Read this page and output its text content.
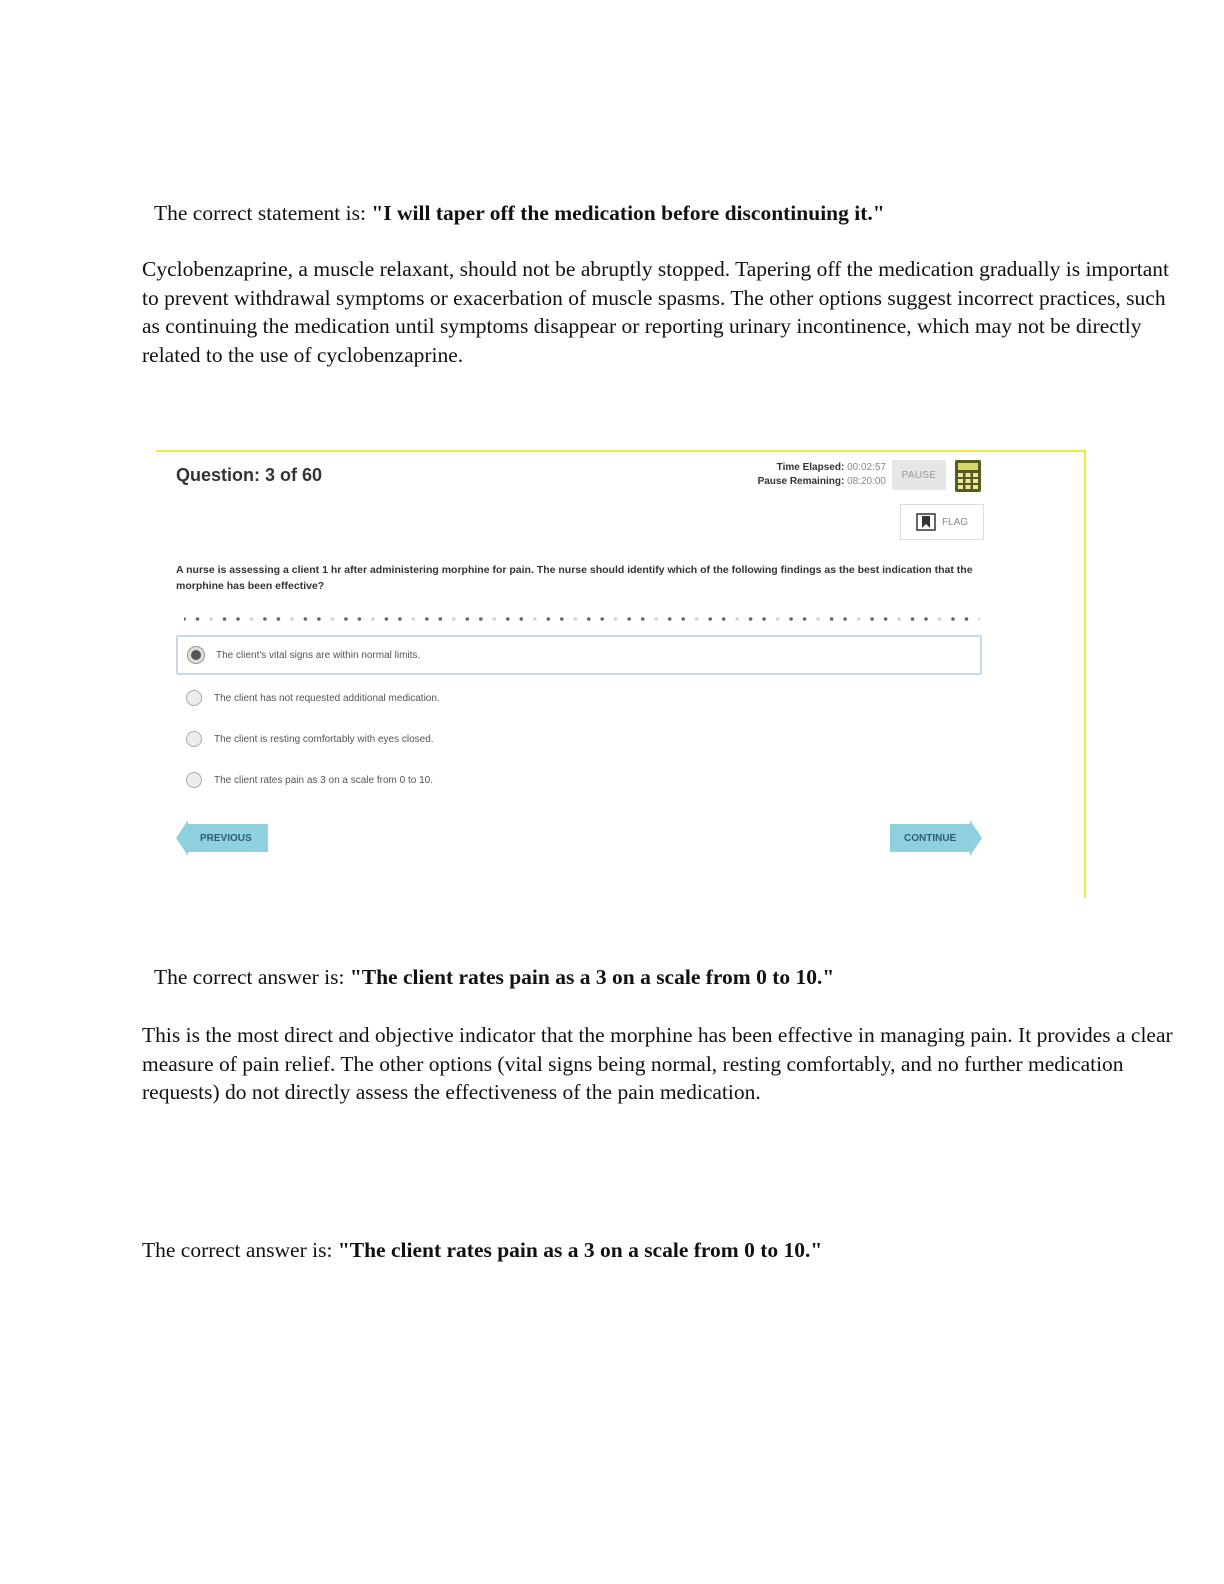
The correct statement is: "I will taper off the medication before discontinuing it."

Cyclobenzaprine, a muscle relaxant, should not be abruptly stopped. Tapering off the medication gradually is important to prevent withdrawal symptoms or exacerbation of muscle spasms. The other options suggest incorrect practices, such as continuing the medication until symptoms disappear or reporting urinary incontinence, which may not be directly related to the use of cyclobenzaprine.

Question: 3 of 60	Time Elapsed: 00:02:57
Pause Remaining: 08:20:00
PAUSE
FLAG
A nurse is assessing a client 1 hr after administering morphine for pain. The nurse should identify which of the following findings as the best indication that the morphine has been effective?
The client's vital signs are within normal limits.
The client has not requested additional medication.
The client is resting comfortably with eyes closed.
The client rates pain as 3 on a scale from 0 to 10.
PREVIOUS	CONTINUE

The correct answer is: "The client rates pain as a 3 on a scale from 0 to 10."

This is the most direct and objective indicator that the morphine has been effective in managing pain. It provides a clear measure of pain relief. The other options (vital signs being normal, resting comfortably, and no further medication requests) do not directly assess the effectiveness of the pain medication.

The correct answer is: "The client rates pain as a 3 on a scale from 0 to 10."
